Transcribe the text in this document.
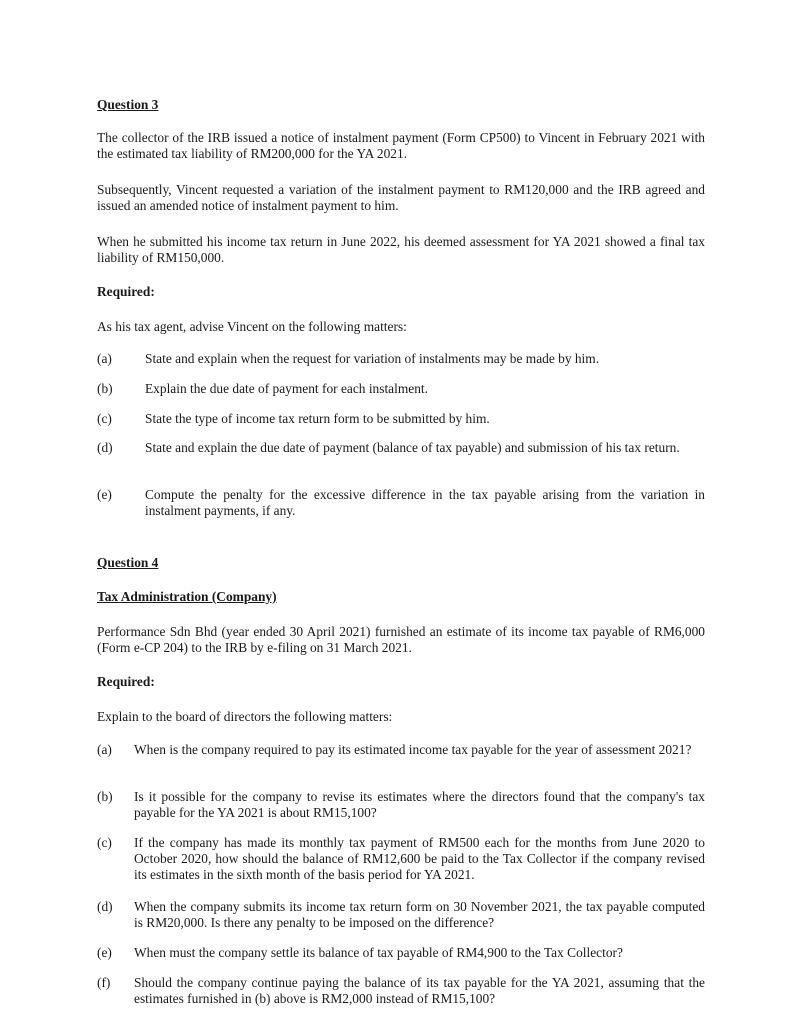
Question 3

The collector of the IRB issued a notice of instalment payment (Form CP500) to Vincent in February 2021 with the estimated tax liability of RM200,000 for the YA 2021.

Subsequently, Vincent requested a variation of the instalment payment to RM120,000 and the IRB agreed and issued an amended notice of instalment payment to him.

When he submitted his income tax return in June 2022, his deemed assessment for YA 2021 showed a final tax liability of RM150,000.

Required:
As his tax agent, advise Vincent on the following matters:
(a)	State and explain when the request for variation of instalments may be made by him.
(b)	Explain the due date of payment for each instalment.
(c)	State the type of income tax return form to be submitted by him.
(d)	State and explain the due date of payment (balance of tax payable) and submission of his tax return.
(e)	Compute the penalty for the excessive difference in the tax payable arising from the variation in instalment payments, if any.
Question 4
Tax Administration (Company)

Performance Sdn Bhd (year ended 30 April 2021) furnished an estimate of its income tax payable of RM6,000 (Form e-CP 204) to the IRB by e-filing on 31 March 2021.

Required:
Explain to the board of directors the following matters:
(a)	When is the company required to pay its estimated income tax payable for the year of assessment 2021?
(b)	Is it possible for the company to revise its estimates where the directors found that the company's tax payable for the YA 2021 is about RM15,100?
(c)	If the company has made its monthly tax payment of RM500 each for the months from June 2020 to October 2020, how should the balance of RM12,600 be paid to the Tax Collector if the company revised its estimates in the sixth month of the basis period for YA 2021.
(d)	When the company submits its income tax return form on 30 November 2021, the tax payable computed is RM20,000. Is there any penalty to be imposed on the difference?
(e)	When must the company settle its balance of tax payable of RM4,900 to the Tax Collector?
(f)	Should the company continue paying the balance of its tax payable for the YA 2021, assuming that the estimates furnished in (b) above is RM2,000 instead of RM15,100?
